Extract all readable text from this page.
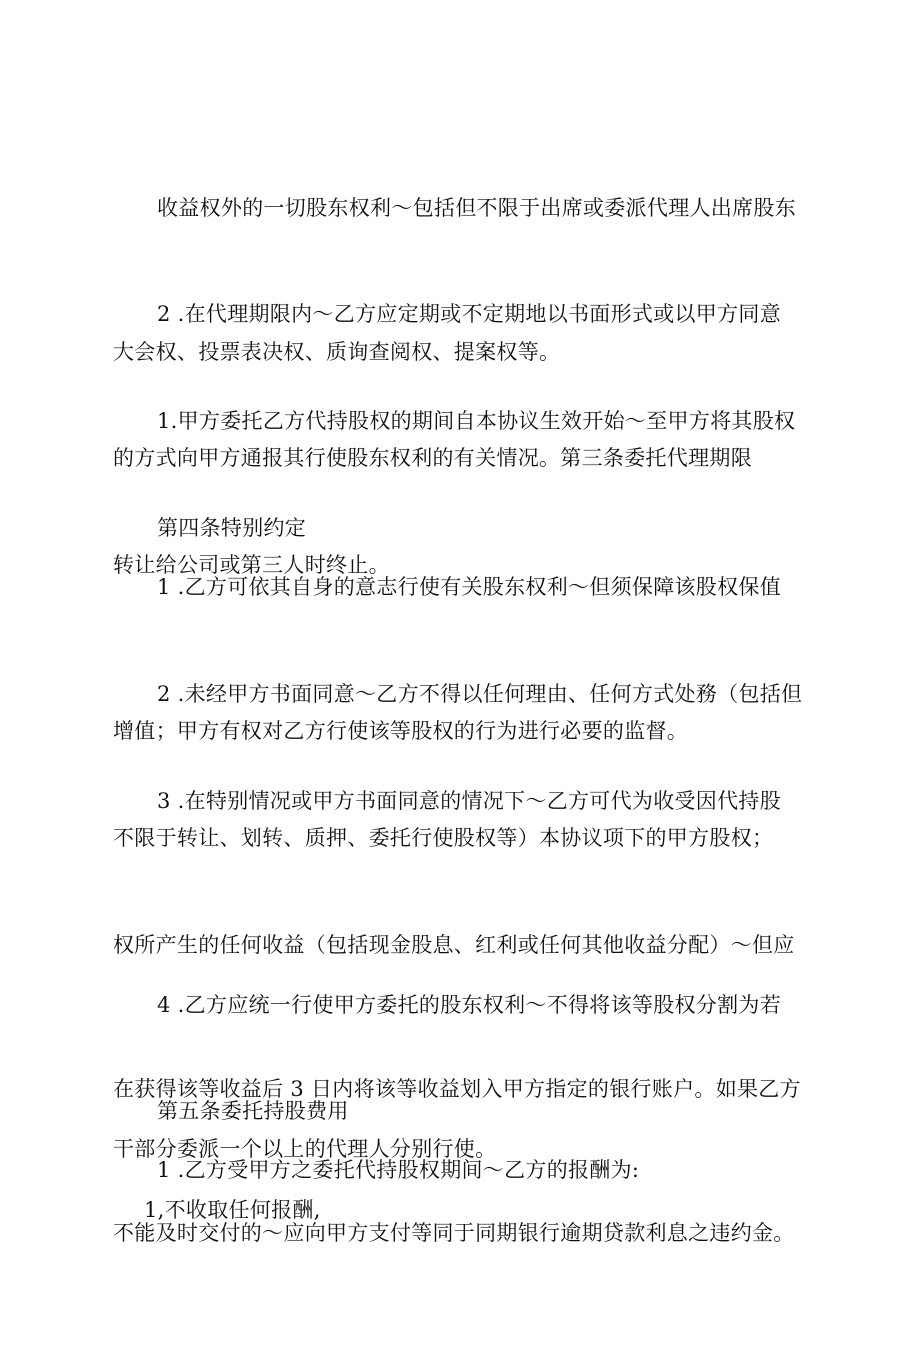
收益权外的一切股东权利～包括但不限于出席或委派代理人出席股东

大会权、投票表决权、质询查阅权、提案权等。

2 .在代理期限内～乙方应定期或不定期地以书面形式或以甲方同意

的方式向甲方通报其行使股东权利的有关情况。第三条委托代理期限

1.甲方委托乙方代持股权的期间自本协议生效开始～至甲方将其股权

转让给公司或第三人时终止。

第四条特别约定

1 .乙方可依其自身的意志行使有关股东权利～但须保障该股权保值

增值；甲方有权对乙方行使该等股权的行为进行必要的监督。

2 .未经甲方书面同意～乙方不得以任何理由、任何方式处務（包括但

不限于转让、划转、质押、委托行使股权等）本协议项下的甲方股权；

3 .在特别情况或甲方书面同意的情况下～乙方可代为收受因代持股

权所产生的任何收益（包括现金股息、红利或任何其他收益分配）～但应

在获得该等收益后 3 日内将该等收益划入甲方指定的银行账户。如果乙方

不能及时交付的～应向甲方支付等同于同期银行逾期贷款利息之违约金。

4 .乙方应统一行使甲方委托的股东权利～不得将该等股权分割为若

干部分委派一个以上的代理人分别行使。

第五条委托持股费用

1 .乙方受甲方之委托代持股权期间～乙方的报酬为:

1,不收取任何报酬,
